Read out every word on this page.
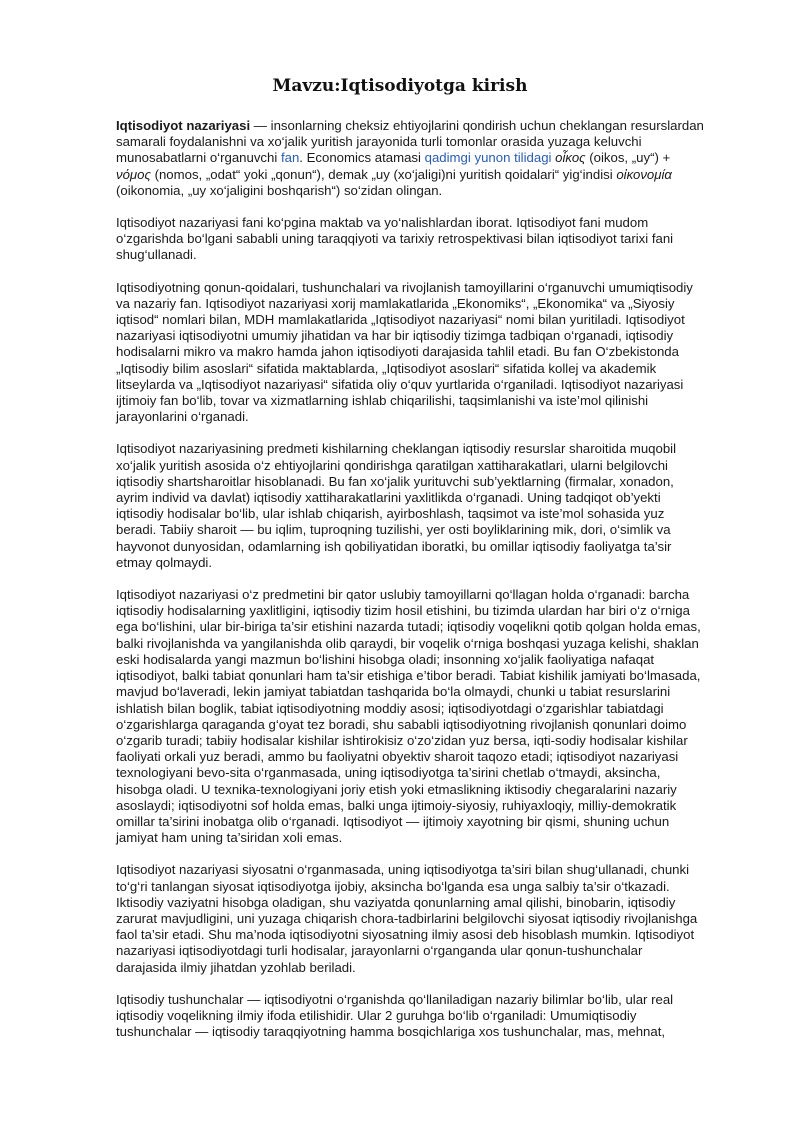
Mavzu:Iqtisodiyotga kirish

Iqtisodiyot nazariyasi — insonlarning cheksiz ehtiyojlarini qondirish uchun cheklangan resurslardan samarali foydalanishni va xo‘jalik yuritish jarayonida turli tomonlar orasida yuzaga keluvchi munosabatlarni o‘rganuvchi fan. Economics atamasi qadimgi yunon tilidagi οἶκος (oikos, „uy“) + νόμος (nomos, „odat“ yoki „qonun“), demak „uy (xo‘jaligi)ni yuritish qoidalari“ yig‘indisi οἰκονομία (oikonomia, „uy xo‘jaligini boshqarish“) so‘zidan olingan.

Iqtisodiyot nazariyasi fani ko‘pgina maktab va yo‘nalishlardan iborat. Iqtisodiyot fani mudom o‘zgarishda bo‘lgani sababli uning taraqqiyoti va tarixiy retrospektivasi bilan iqtisodiyot tarixi fani shug‘ullanadi.

Iqtisodiyotning qonun-qoidalari, tushunchalari va rivojlanish tamoyillarini o‘rganuvchi umumiqtisodiy va nazariy fan. Iqtisodiyot nazariyasi xorij mamlakatlarida „Ekonomiks“, „Ekonomika“ va „Siyosiy iqtisod“ nomlari bilan, MDH mamlakatlarida „Iqtisodiyot nazariyasi“ nomi bilan yuritiladi. Iqtisodiyot nazariyasi iqtisodiyotni umumiy jihatidan va har bir iqtisodiy tizimga tadbiqan o‘rganadi, iqtisodiy hodisalarni mikro va makro hamda jahon iqtisodiyoti darajasida tahlil etadi. Bu fan O‘zbekistonda „Iqtisodiy bilim asoslari“ sifatida maktablarda, „Iqtisodiyot asoslari“ sifatida kollej va akademik litseylarda va „Iqtisodiyot nazariyasi“ sifatida oliy o‘quv yurtlarida o‘rganiladi. Iqtisodiyot nazariyasi ijtimoiy fan bo‘lib, tovar va xizmatlarning ishlab chiqarilishi, taqsimlanishi va iste’mol qilinishi jarayonlarini o‘rganadi.

Iqtisodiyot nazariyasining predmeti kishilarning cheklangan iqtisodiy resurslar sharoitida muqobil xo‘jalik yuritish asosida o‘z ehtiyojlarini qondirishga qaratilgan xattiharakatlari, ularni belgilovchi iqtisodiy shartsharoitlar hisoblanadi. Bu fan xo‘jalik yurituvchi sub’yektlarning (firmalar, xonadon, ayrim individ va davlat) iqtisodiy xattiharakatlarini yaxlitlikda o‘rganadi. Uning tadqiqot ob’yekti iqtisodiy hodisalar bo‘lib, ular ishlab chiqarish, ayirboshlash, taqsimot va iste’mol sohasida yuz beradi. Tabiiy sharoit — bu iqlim, tuproqning tuzilishi, yer osti boyliklarining mik, dori, o‘simlik va hayvonot dunyosidan, odamlarning ish qobiliyatidan iboratki, bu omillar iqtisodiy faoliyatga ta’sir etmay qolmaydi.

Iqtisodiyot nazariyasi o‘z predmetini bir qator uslubiy tamoyillarni qo‘llagan holda o‘rganadi: barcha iqtisodiy hodisalarning yaxlitligini, iqtisodiy tizim hosil etishini, bu tizimda ulardan har biri o‘z o‘rniga ega bo‘lishini, ular bir-biriga ta’sir etishini nazarda tutadi; iqtisodiy voqelikni qotib qolgan holda emas, balki rivojlanishda va yangilanishda olib qaraydi, bir voqelik o‘rniga boshqasi yuzaga kelishi, shaklan eski hodisalarda yangi mazmun bo‘lishini hisobga oladi; insonning xo‘jalik faoliyatiga nafaqat iqtisodiyot, balki tabiat qonunlari ham ta’sir etishiga e’tibor beradi. Tabiat kishilik jamiyati bo‘lmasada, mavjud bo‘laveradi, lekin jamiyat tabiatdan tashqarida bo‘la olmaydi, chunki u tabiat resurslarini ishlatish bilan boglik, tabiat iqtisodiyotning moddiy asosi; iqtisodiyotdagi o‘zgarishlar tabiatdagi o‘zgarishlarga qaraganda g‘oyat tez boradi, shu sababli iqtisodiyotning rivojlanish qonunlari doimo o‘zgarib turadi; tabiiy hodisalar kishilar ishtirokisiz o‘zo‘zidan yuz bersa, iqti-sodiy hodisalar kishilar faoliyati orkali yuz beradi, ammo bu faoliyatni obyektiv sharoit taqozo etadi; iqtisodiyot nazariyasi texnologiyani bevo-sita o‘rganmasada, uning iqtisodiyotga ta’sirini chetlab o‘tmaydi, aksincha, hisobga oladi. U texnika-texnologiyani joriy etish yoki etmaslikning iktisodiy chegaralarini nazariy asoslaydi; iqtisodiyotni sof holda emas, balki unga ijtimoiy-siyosiy, ruhiyaxloqiy, milliy-demokratik omillar ta’sirini inobatga olib o‘rganadi. Iqtisodiyot — ijtimoiy xayotning bir qismi, shuning uchun jamiyat ham uning ta’siridan xoli emas.

Iqtisodiyot nazariyasi siyosatni o‘rganmasada, uning iqtisodiyotga ta’siri bilan shug‘ullanadi, chunki to‘g‘ri tanlangan siyosat iqtisodiyotga ijobiy, aksincha bo‘lganda esa unga salbiy ta’sir o‘tkazadi. Iktisodiy vaziyatni hisobga oladigan, shu vaziyatda qonunlarning amal qilishi, binobarin, iqtisodiy zarurat mavjudligini, uni yuzaga chiqarish chora-tadbirlarini belgilovchi siyosat iqtisodiy rivojlanishga faol ta’sir etadi. Shu ma’noda iqtisodiyotni siyosatning ilmiy asosi deb hisoblash mumkin. Iqtisodiyot nazariyasi iqtisodiyotdagi turli hodisalar, jarayonlarni o‘rganganda ular qonun-tushunchalar darajasida ilmiy jihatdan yzohlab beriladi.

Iqtisodiy tushunchalar — iqtisodiyotni o‘rganishda qo‘llaniladigan nazariy bilimlar bo‘lib, ular real iqtisodiy voqelikning ilmiy ifoda etilishidir. Ular 2 guruhga bo‘lib o‘rganiladi: Umumiqtisodiy tushunchalar — iqtisodiy taraqqiyotning hamma bosqichlariga xos tushunchalar, mas, mehnat,
